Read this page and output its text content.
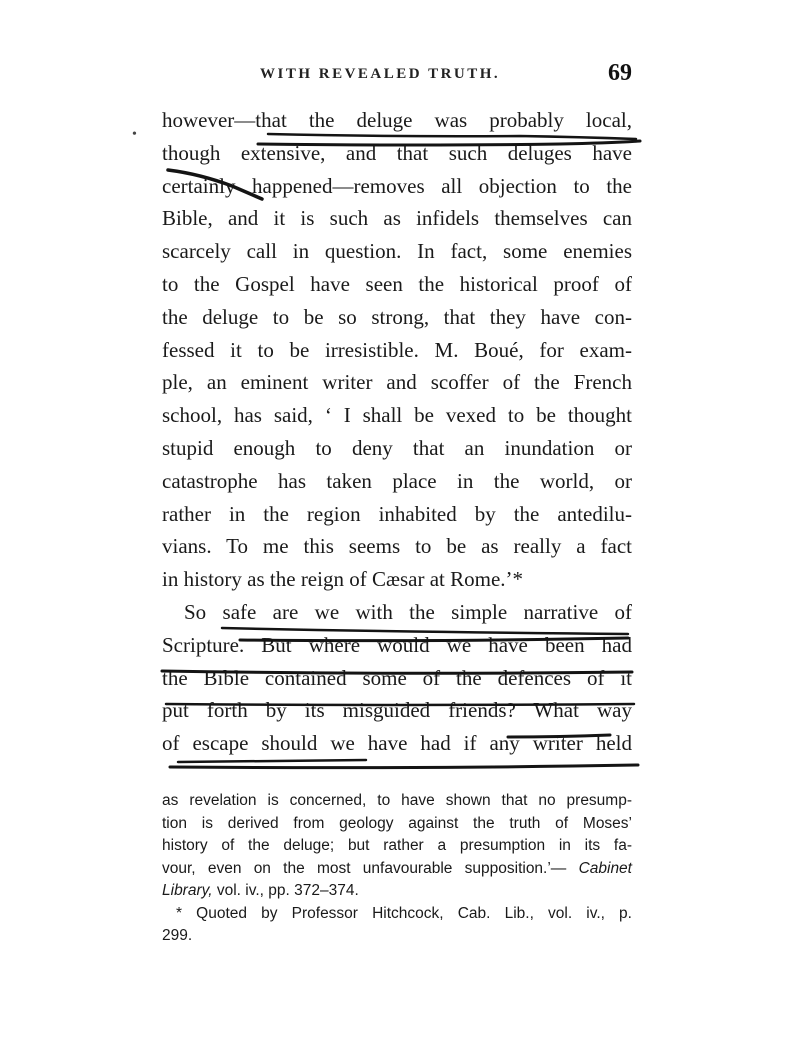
WITH REVEALED TRUTH.	69
•
however—that the deluge was probably local,
though extensive, and that such deluges have
certainly happened—removes all objection to the
Bible, and it is such as infidels themselves can
scarcely call in question. In fact, some enemies
to the Gospel have seen the historical proof of
the deluge to be so strong, that they have con-
fessed it to be irresistible. M. Boué, for exam-
ple, an eminent writer and scoffer of the French
school, has said, ‘ I shall be vexed to be thought
stupid enough to deny that an inundation or
catastrophe has taken place in the world, or
rather in the region inhabited by the antedilu-
vians. To me this seems to be as really a fact
in history as the reign of Cæsar at Rome.’*
So safe are we with the simple narrative of
Scripture. But where would we have been had
the Bible contained some of the defences of it
put forth by its misguided friends? What way
of escape should we have had if any writer held
as revelation is concerned, to have shown that no presump-
tion is derived from geology against the truth of Moses’
history of the deluge; but rather a presumption in its fa-
vour, even on the most unfavourable supposition.’— Cabinet
Library, vol. iv., pp. 372–374.
* Quoted by Professor Hitchcock, Cab. Lib., vol. iv., p.
299.
